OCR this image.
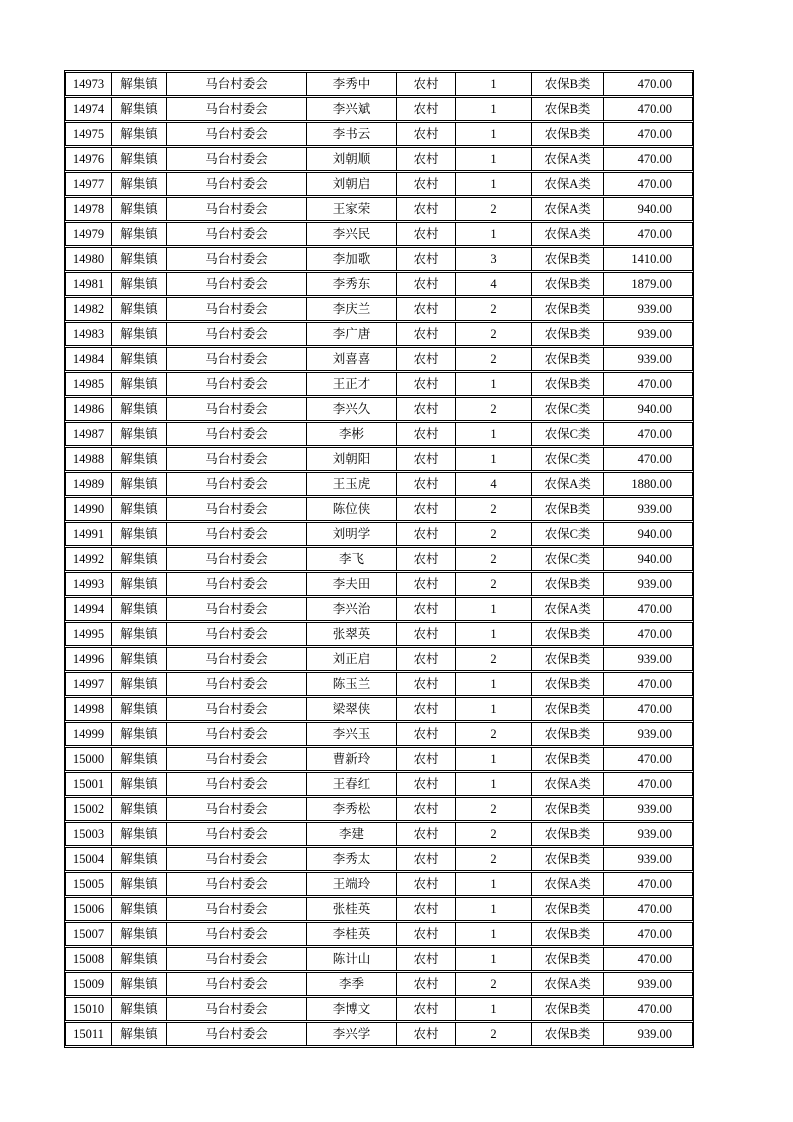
14973	解集镇	马台村委会	李秀中	农村	1	农保B类	470.00
14974	解集镇	马台村委会	李兴斌	农村	1	农保B类	470.00
14975	解集镇	马台村委会	李书云	农村	1	农保B类	470.00
14976	解集镇	马台村委会	刘朝顺	农村	1	农保A类	470.00
14977	解集镇	马台村委会	刘朝启	农村	1	农保A类	470.00
14978	解集镇	马台村委会	王家荣	农村	2	农保A类	940.00
14979	解集镇	马台村委会	李兴民	农村	1	农保A类	470.00
14980	解集镇	马台村委会	李加歌	农村	3	农保B类	1410.00
14981	解集镇	马台村委会	李秀东	农村	4	农保B类	1879.00
14982	解集镇	马台村委会	李庆兰	农村	2	农保B类	939.00
14983	解集镇	马台村委会	李广唐	农村	2	农保B类	939.00
14984	解集镇	马台村委会	刘喜喜	农村	2	农保B类	939.00
14985	解集镇	马台村委会	王正才	农村	1	农保B类	470.00
14986	解集镇	马台村委会	李兴久	农村	2	农保C类	940.00
14987	解集镇	马台村委会	李彬	农村	1	农保C类	470.00
14988	解集镇	马台村委会	刘朝阳	农村	1	农保C类	470.00
14989	解集镇	马台村委会	王玉虎	农村	4	农保A类	1880.00
14990	解集镇	马台村委会	陈位侠	农村	2	农保B类	939.00
14991	解集镇	马台村委会	刘明学	农村	2	农保C类	940.00
14992	解集镇	马台村委会	李飞	农村	2	农保C类	940.00
14993	解集镇	马台村委会	李夫田	农村	2	农保B类	939.00
14994	解集镇	马台村委会	李兴治	农村	1	农保A类	470.00
14995	解集镇	马台村委会	张翠英	农村	1	农保B类	470.00
14996	解集镇	马台村委会	刘正启	农村	2	农保B类	939.00
14997	解集镇	马台村委会	陈玉兰	农村	1	农保B类	470.00
14998	解集镇	马台村委会	梁翠侠	农村	1	农保B类	470.00
14999	解集镇	马台村委会	李兴玉	农村	2	农保B类	939.00
15000	解集镇	马台村委会	曹新玲	农村	1	农保B类	470.00
15001	解集镇	马台村委会	王春红	农村	1	农保A类	470.00
15002	解集镇	马台村委会	李秀松	农村	2	农保B类	939.00
15003	解集镇	马台村委会	李建	农村	2	农保B类	939.00
15004	解集镇	马台村委会	李秀太	农村	2	农保B类	939.00
15005	解集镇	马台村委会	王端玲	农村	1	农保A类	470.00
15006	解集镇	马台村委会	张桂英	农村	1	农保B类	470.00
15007	解集镇	马台村委会	李桂英	农村	1	农保B类	470.00
15008	解集镇	马台村委会	陈计山	农村	1	农保B类	470.00
15009	解集镇	马台村委会	李季	农村	2	农保A类	939.00
15010	解集镇	马台村委会	李博文	农村	1	农保B类	470.00
15011	解集镇	马台村委会	李兴学	农村	2	农保B类	939.00
